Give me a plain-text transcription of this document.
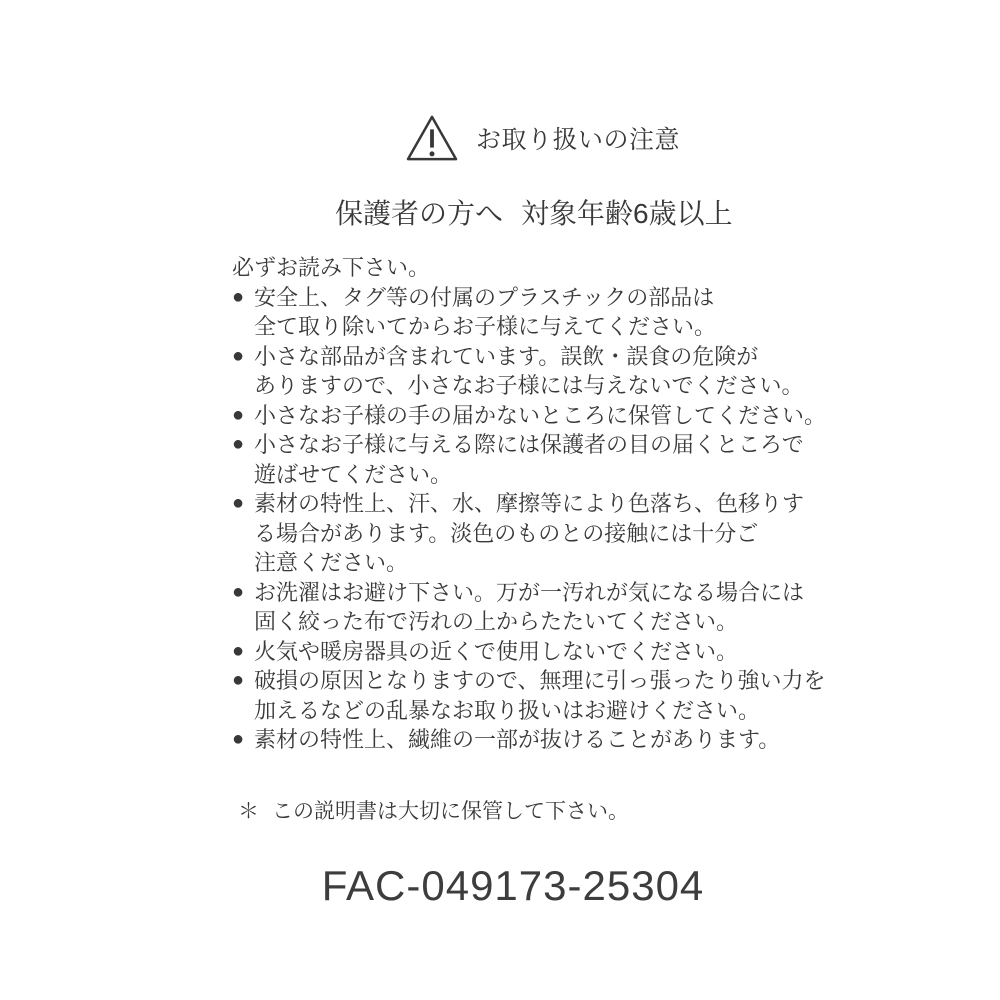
お取り扱いの注意
保護者の方へ 対象年齢6歳以上
必ずお読み下さい。
● 安全上、タグ等の付属のプラスチックの部品は
全て取り除いてからお子様に与えてください。
● 小さな部品が含まれています。誤飲・誤食の危険が
ありますので、小さなお子様には与えないでください。
● 小さなお子様の手の届かないところに保管してください。
● 小さなお子様に与える際には保護者の目の届くところで
遊ばせてください。
● 素材の特性上、汗、水、摩擦等により色落ち、色移りす
る場合があります。淡色のものとの接触には十分ご
注意ください。
● お洗濯はお避け下さい。万が一汚れが気になる場合には
固く絞った布で汚れの上からたたいてください。
● 火気や暖房器具の近くで使用しないでください。
● 破損の原因となりますので、無理に引っ張ったり強い力を
加えるなどの乱暴なお取り扱いはお避けください。
● 素材の特性上、繊維の一部が抜けることがあります。
＊ この説明書は大切に保管して下さい。
FAC-049173-25304
